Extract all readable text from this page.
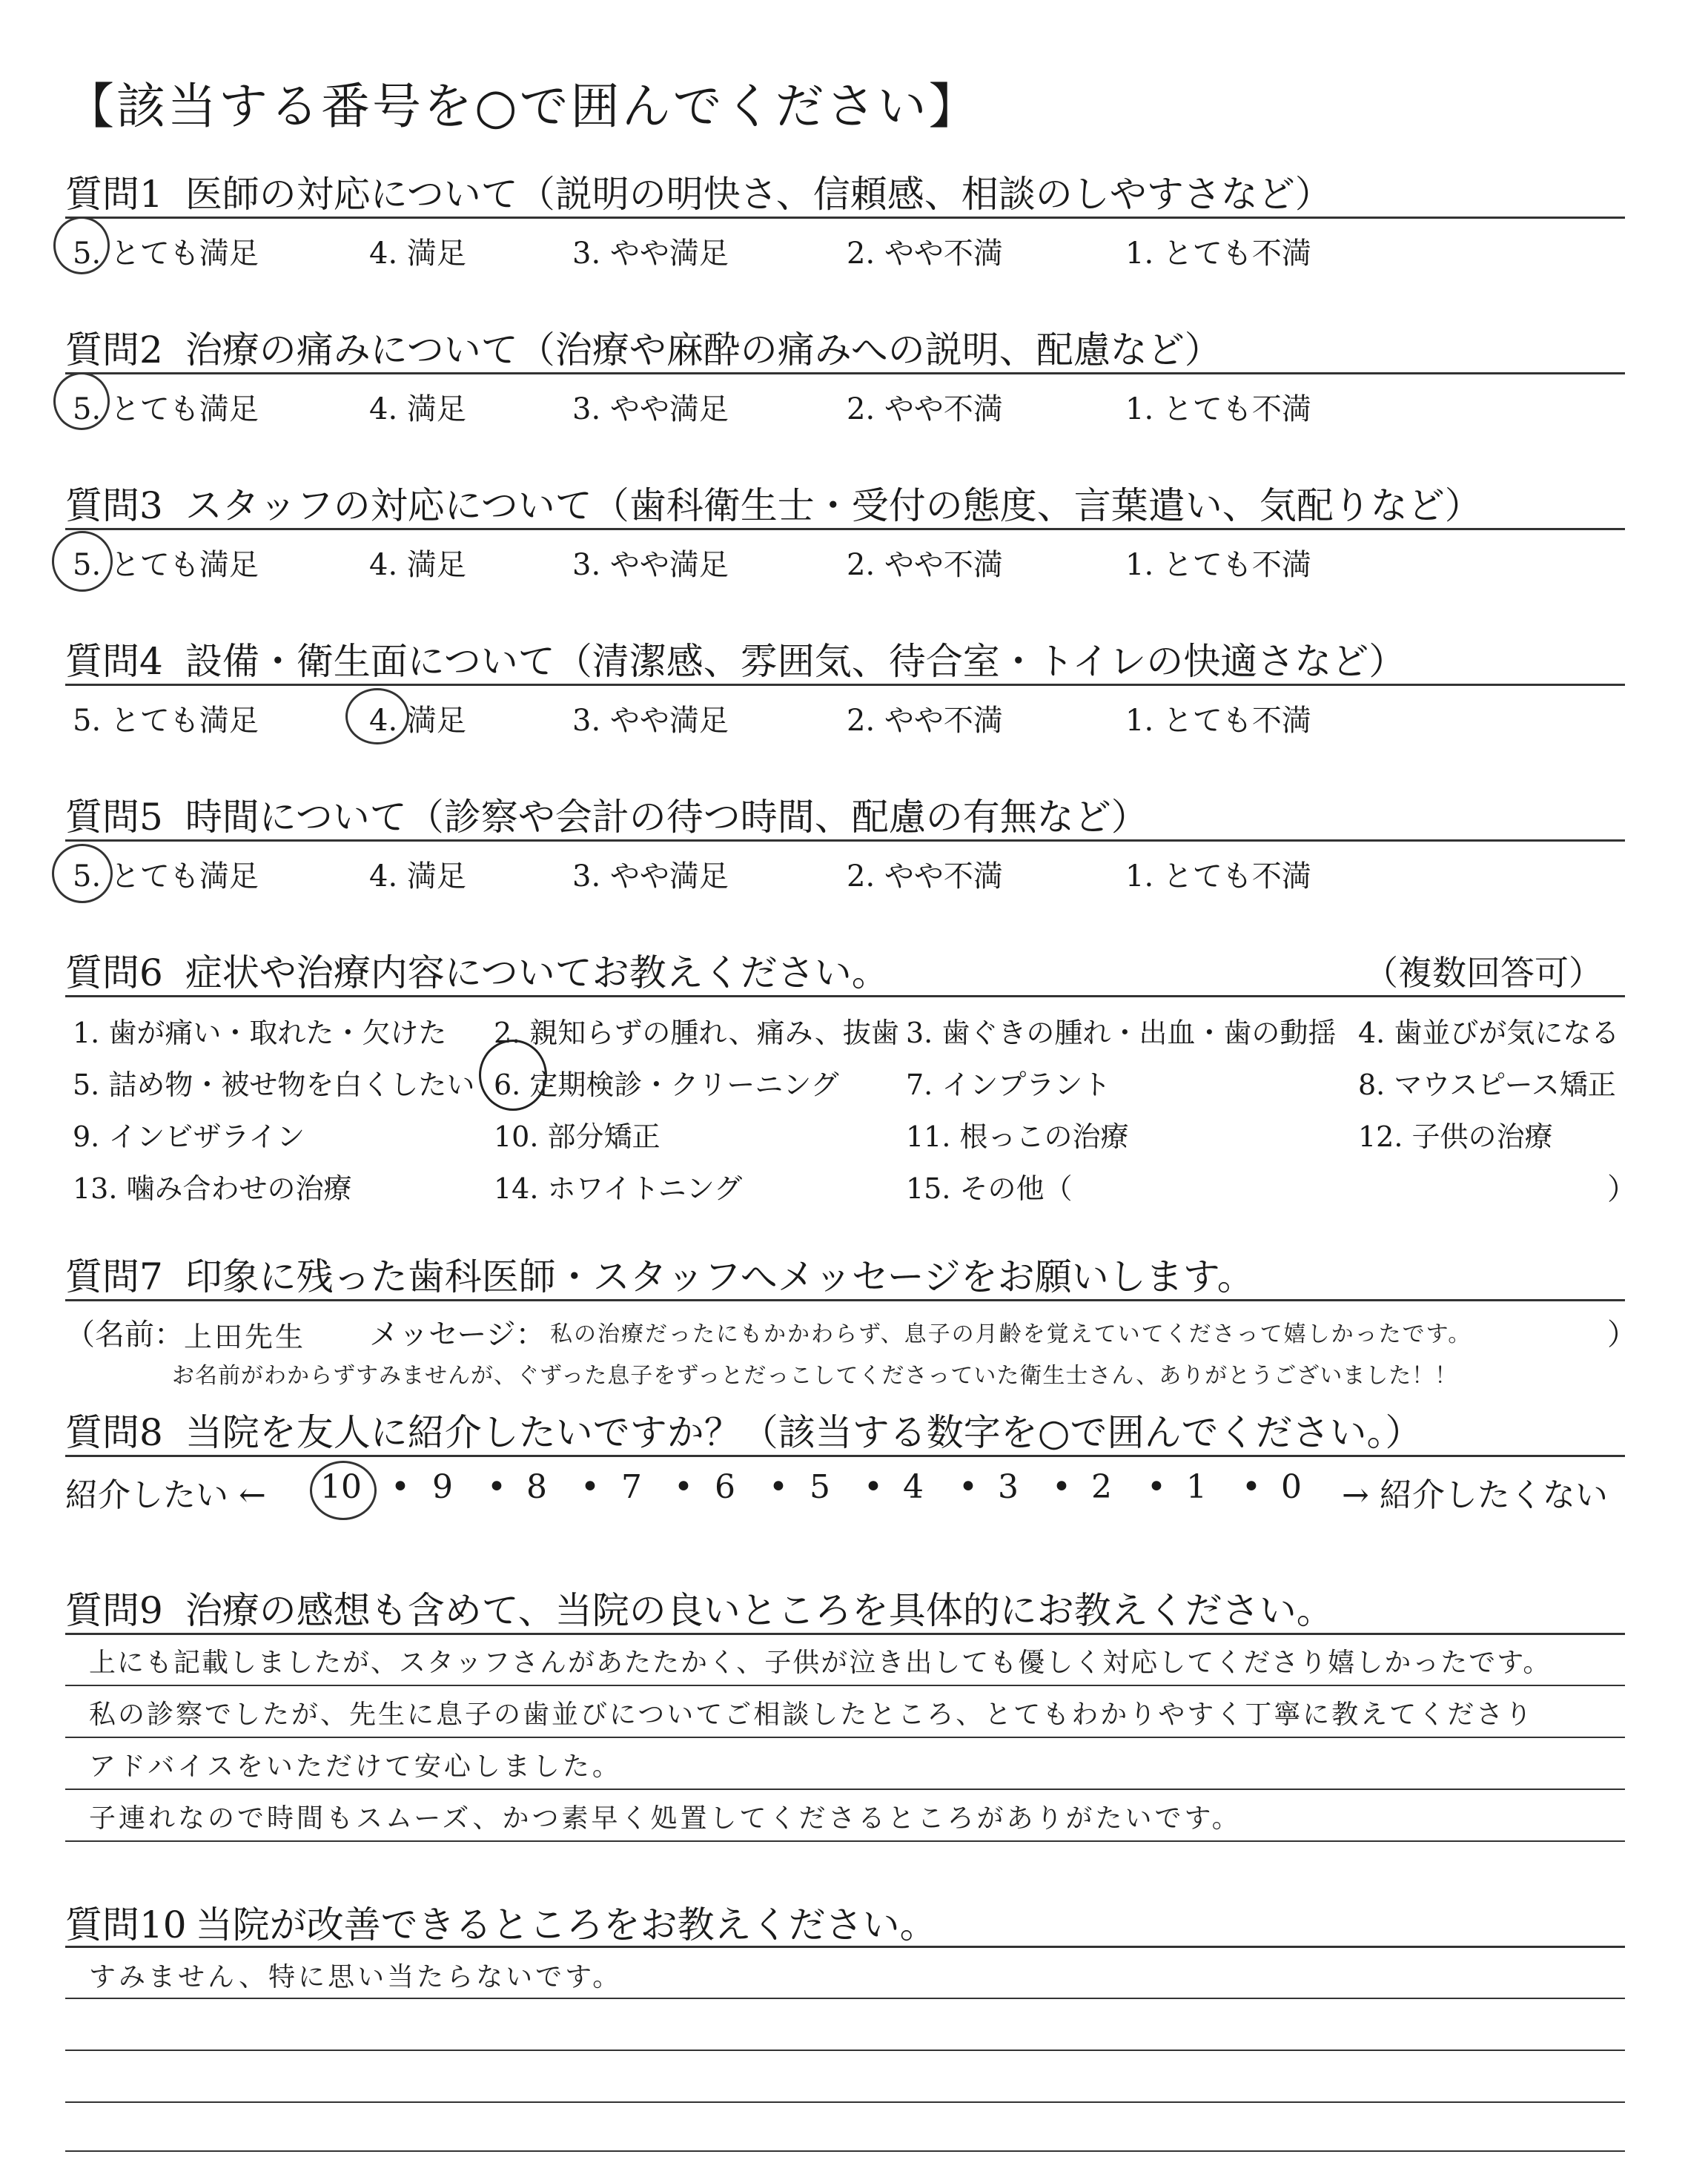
【該当する番号を○で囲んでください】
質問1 医師の対応について（説明の明快さ、信頼感、相談のしやすさなど）
5. とても満足	4. 満足	3. やや満足	2. やや不満	1. とても不満
質問2 治療の痛みについて（治療や麻酔の痛みへの説明、配慮など）
5. とても満足	4. 満足	3. やや満足	2. やや不満	1. とても不満
質問3 スタッフの対応について（歯科衛生士・受付の態度、言葉遣い、気配りなど）
5. とても満足	4. 満足	3. やや満足	2. やや不満	1. とても不満
質問4 設備・衛生面について（清潔感、雰囲気、待合室・トイレの快適さなど）
5. とても満足	4. 満足	3. やや満足	2. やや不満	1. とても不満
質問5 時間について（診察や会計の待つ時間、配慮の有無など）
5. とても満足	4. 満足	3. やや満足	2. やや不満	1. とても不満
質問6 症状や治療内容についてお教えください。	（複数回答可）
1. 歯が痛い・取れた・欠けた 2. 親知らずの腫れ、痛み、抜歯 3. 歯ぐきの腫れ・出血・歯の動揺 4. 歯並びが気になる
5. 詰め物・被せ物を白くしたい 6. 定期検診・クリーニング 7. インプラント	8. マウスピース矯正
9. インビザライン	10. 部分矯正	11. 根っこの治療	12. 子供の治療
13. 噛み合わせの治療	14. ホワイトニング	15. その他（	）
質問7 印象に残った歯科医師・スタッフへメッセージをお願いします。
（名前： 上田先生 メッセージ： 私の治療だったにもかかわらず、息子の月齢を覚えていてくださって嬉しかったです。	）
お名前がわからずすみませんが、ぐずった息子をずっとだっこしてくださっていた衛生士さん、ありがとうございました！！
質問8 当院を友人に紹介したいですか？（該当する数字を○で囲んでください。）
紹介したい ← 10 • 9	• 8	• 7 • 6	• 5	• 4	• 3	• 2	• 1	• 0	→ 紹介したくない
質問9 治療の感想も含めて、当院の良いところを具体的にお教えください。
上にも記載しましたが、スタッフさんがあたたかく、子供が泣き出しても優しく対応してくださり嬉しかったです。
私の診察でしたが、先生に息子の歯並びについてご相談したところ、とてもわかりやすく丁寧に教えてくださり
アドバイスをいただけて安心しました。
子連れなので時間もスムーズ、かつ素早く処置してくださるところがありがたいです。
質問10 当院が改善できるところをお教えください。
すみません、特に思い当たらないです。
